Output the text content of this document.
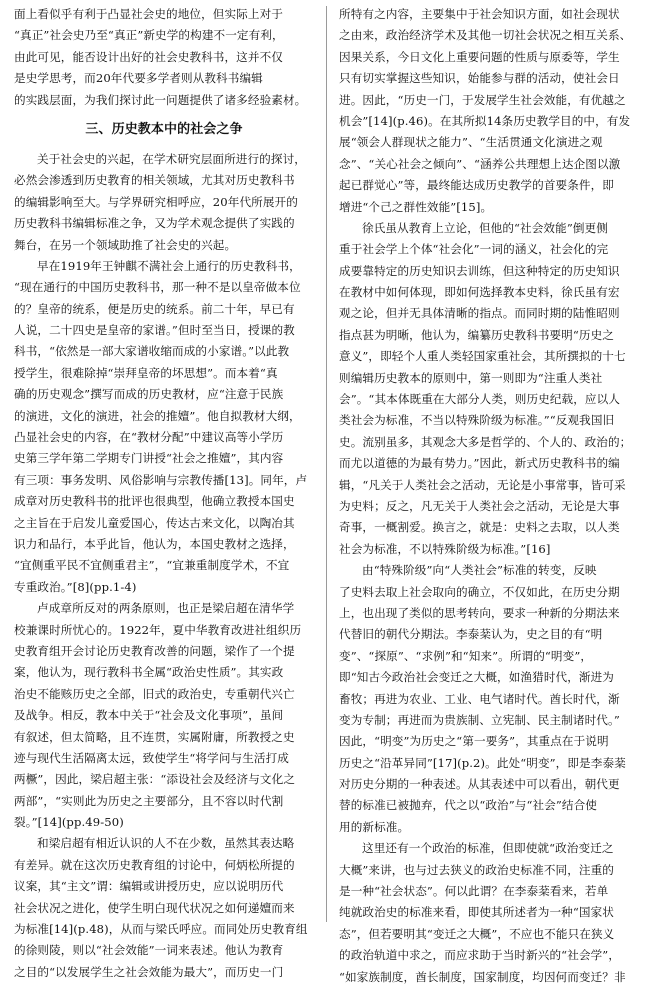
面上看似乎有利于凸显社会史的地位，但实际上对于
“真正”社会史乃至“真正”新史学的构建不一定有利，
由此可见，能否设计出好的社会史教科书，这并不仅
是史学思考，而20年代要多学者则从教科书编辑
的实践层面，为我们探讨此一问题提供了诸多经验素材。
三、历史教本中的社会之争
关于社会史的兴起，在学术研究层面所进行的探讨，
必然会渗透到历史教育的相关领域，尤其对历史教科书
的编辑影响至大。与学界研究相呼应，20年代所展开的
历史教科书编辑标准之争，又为学术观念提供了实践的
舞台，在另一个领域助推了社会史的兴起。
早在1919年王钟麒不满社会上通行的历史教科书，
“现在通行的中国历史教科书，那一种不是以皇帝做本位
的？皇帝的统系，便是历史的统系。前二十年，早已有
人说，二十四史是皇帝的家谱。”但时至当日，授课的教
科书，“依然是一部大家谱收缩而成的小家谱。”以此教
授学生，很难除掉“崇拜皇帝的坏思想”。而本着“真
确的历史观念”撰写而成的历史教材，应“注意于民族
的演进，文化的演进，社会的推嬗”。他自拟教材大纲，
凸显社会史的内容，在“教材分配”中建议高等小学历
史第三学年第二学期专门讲授“社会之推嬗”，其内容
有三项：事务发明、风俗影响与宗教传播[13]。同年，卢
成章对历史教科书的批评也很典型，他确立教授本国史
之主旨在于启发儿童爱国心，传达古来文化，以陶冶其
识力和品行，本乎此旨，他认为，本国史教材之选择，
“宜侧重平民不宜侧重君主”，“宜兼重制度学术，不宜
专重政治。”[8](pp.1-4)
卢成章所反对的两条原则，也正是梁启超在清华学
校兼课时所忧心的。1922年，夏中华教育改进社组织历
史教育组开会讨论历史教育改善的问题，梁作了一个提
案，他认为，现行教科书全属“政治史性质”。其实政
治史不能赅历史之全部，旧式的政治史，专重朝代兴亡
及战争。相反，教本中关于“社会及文化事项”，虽间
有叙述，但太简略，且不连贯，实属附庸，所教授之史
迹与现代生活隔离太远，致使学生“将学问与生活打成
两橛”，因此，梁启超主张：“添设社会及经济与文化之
两部”，“实则此为历史之主要部分，且不容以时代割
裂。”[14](pp.49-50)
和梁启超有相近认识的人不在少数，虽然其表达略
有差异。就在这次历史教育组的讨论中，何炳松所提的
议案，其“主文”谓：编辑或讲授历史，应以说明历代
社会状况之进化，使学生明白现代状况之如何递嬗而来
为标准[14](p.48)，从而与梁氏呼应。而同处历史教育组
的徐则陵，则以“社会效能”一词来表述。他认为教育
之目的“以发展学生之社会效能为最大”，而历史一门
所特有之内容，主要集中于社会知识方面，如社会现状
之由来，政治经济学术及其他一切社会状况之相互关系、
因果关系，今日文化上重要问题的性质与原委等，学生
只有切实掌握这些知识，始能参与群的活动，使社会日
进。因此，“历史一门，于发展学生社会效能，有优越之
机会”[14](p.46)。在其所拟14条历史教学目的中，有发
展“领会人群现状之能力”、“生活贯通文化演进之观
念”、“关心社会之倾向”、“涵养公共理想上达企图以激
起已群觉心”等，最终能达成历史教学的首要条件，即
增进“个己之群性效能”[15]。
徐氏虽从教育上立论，但他的“社会效能”倒更侧
重于社会学上个体“社会化”一词的涵义，社会化的完
成要靠特定的历史知识去训练，但这种特定的历史知识
在教材中如何体现，即如何选择教本史料，徐氏虽有宏
观之论，但并无具体清晰的指点。而同时期的陆惟昭则
指点甚为明晰，他认为，编纂历史教科书要明“历史之
意义”，即轻个人重人类轻国家重社会，其所撰拟的十七
则编辑历史教本的原则中，第一则即为“注重人类社
会”。“其本体既重在大部分人类，则历史纪载，应以人
类社会为标准，不当以特殊阶级为标准。”“反观我国旧
史。流别虽多，其观念大多是哲学的、个人的、政治的；
而尤以道德的为最有势力。”因此，新式历史教科书的编
辑，“凡关于人类社会之活动，无论是小事常事，皆可采
为史料；反之，凡无关于人类社会之活动，无论是大事
奇事，一概割爱。换言之，就是：史料之去取，以人类
社会为标准，不以特殊阶级为标准。”[16]
由“特殊阶级”向“人类社会”标准的转变，反映
了史料去取上社会取向的确立，不仅如此，在历史分期
上，也出现了类似的思考转向，要求一种新的分期法来
代替旧的朝代分期法。李泰棻认为，史之目的有“明
变”、“探原”、“求例”和“知来”。所谓的“明变”，
即“知古今政治社会变迁之大概，如渔猎时代，渐进为
畜牧；再进为农业、工业、电气诸时代。酋长时代，渐
变为专制；再进而为贵族制、立宪制、民主制诸时代。”
因此，“明变”为历史之“第一要务”，其重点在于说明
历史之“沿革异同”[17](p.2)。此处“明变”，即是李泰棻
对历史分期的一种表述。从其表述中可以看出，朝代更
替的标准已被抛弃，代之以“政治”与“社会”结合使
用的新标准。
这里还有一个政治的标准，但即使就“政治变迁之
大概”来讲，也与过去狭义的政治史标准不同，注重的
是一种“社会状态”。何以此谓？在李泰棻看来，若单
纯就政治史的标准来看，即使其所述者为一种“国家状
态”，但若要明其“变迁之大概”，不应也不能只在狭义
的政治轨道中求之，而应求助于当时新兴的“社会学”，
“如家族制度，酋长制度，国家制度，均因何而变迁？非
